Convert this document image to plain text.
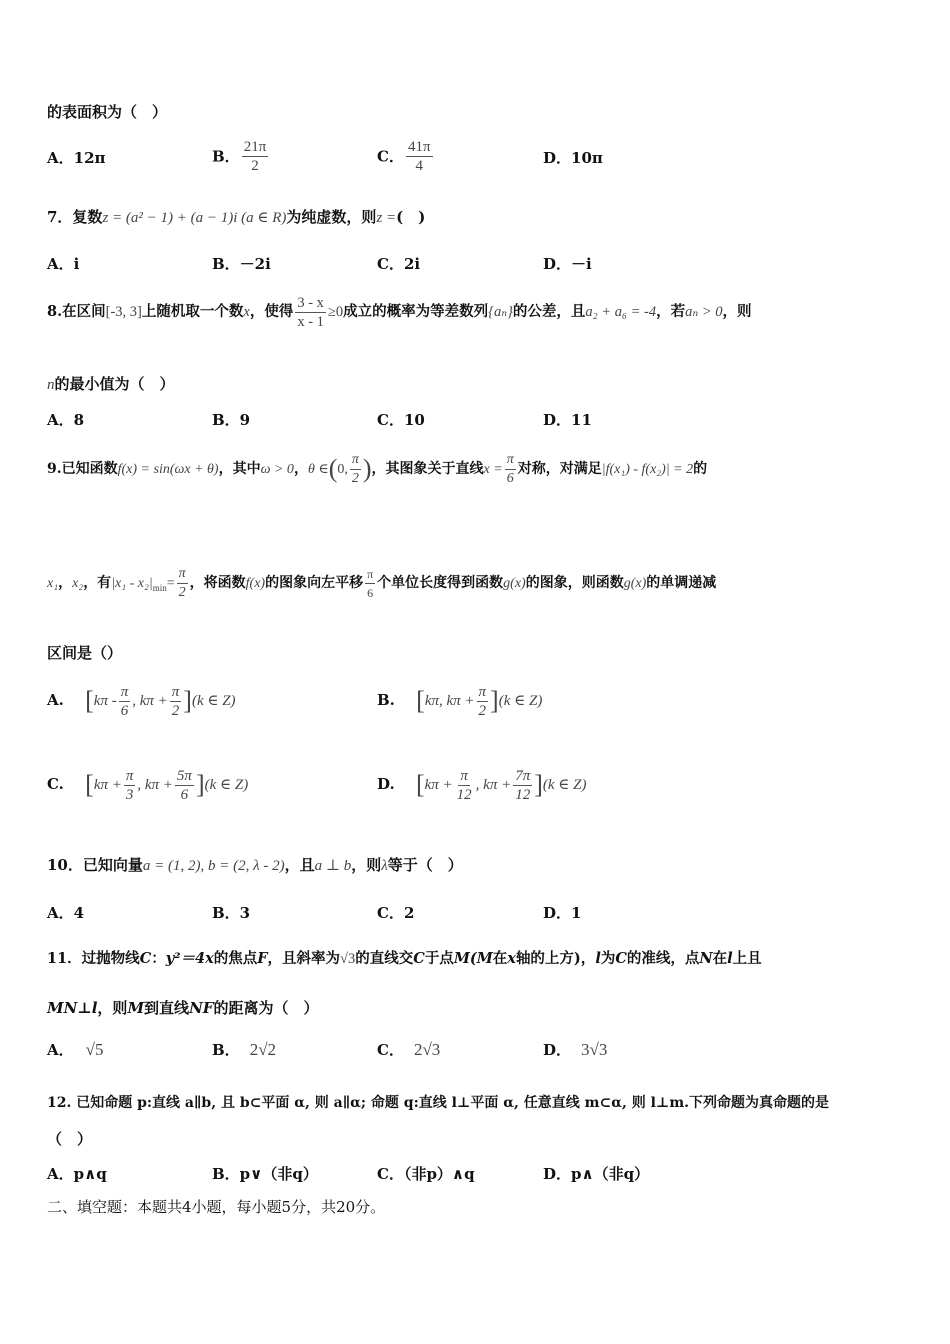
的表面积为（　）
A．12π	B． $\frac{21\pi}{2}$	C． $\frac{41\pi}{4}$	D．10π
7．复数z = (a² − 1) + (a − 1)i (a ∈ R)为纯虚数，则z =(　)
A．i	B．－2i	C．2i	D．－i
8.在区间[-3, 3]上随机取一个数x，使得 $\frac{3 - x}{x - 1} \ge 0$成立的概率为等差数列{aₙ}的公差，且a₂ + a₆ = -4，若aₙ > 0，则
n的最小值为（　）
A．8	B．9	C．10	D．11
9.已知函数f(x) = sin(ωx + θ)，其中ω > 0，θ ∈(0, $\frac{\pi}{2}$ )，其图象关于直线$x = \frac{\pi}{6}$ 对称，对满足|f(x₁) - f(x₂)| = 2的
x₁，x₂，有$|x_1 - x_2|_{min}= \frac{\pi}{2}$ ，将函数f(x)的图象向左平移 $\frac{\pi}{6}$ 个单位长度得到函数g(x)的图象，则函数g(x)的单调递减
区间是（）
A. [$k\pi - \frac{\pi}{6}$ , $k\pi + \frac{\pi}{2} ](k$ ∈ Z)	B. [kπ, $k\pi + \frac{\pi}{2} ](k$ ∈ Z)
C. [$k\pi + \frac{\pi}{3}$ , $k\pi + \frac{5\pi}{6} ](k$ ∈ Z)	D. [$k\pi + \frac{\pi}{12}$ , $k\pi + \frac{7\pi}{12} ](k$ ∈ Z)
10．已知向量a = (1, 2), b = (2, λ - 2)，且a ⊥ b，则λ等于（　）
A．4	B．3	C．2	D．1
11．过抛物线C：y²＝4x的焦点F，且斜率为√3的直线交C于点M(M在x轴的上方)，l为C的准线，点N在l上且
MN⊥l，则M到直线NF的距离为（　）
A． √5	B． 2√2	C． 2√3	D． 3√3
12. 已知命题 p:直线 a∥b, 且 b⊂平面 α, 则 a∥α; 命题 q:直线 l⊥平面 α, 任意直线 m⊂α, 则 l⊥m.下列命题为真命题的是
（　）
A．p∧q	B．p∨（非q）	C．（非p）∧q	D．p∧（非q）
二、填空题：本题共4小题，每小题5分，共20分。
